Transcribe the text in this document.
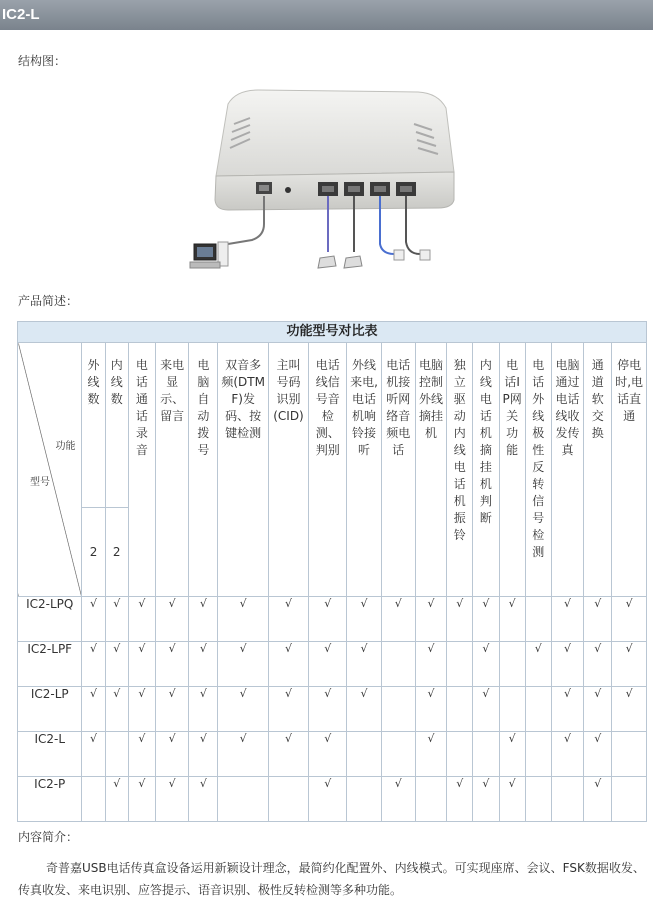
IC2-L
结构图：
产品简述：
功能型号对比表																		

功能
型号	外线数	内线数	电话通话录音	来电显示、留言	电脑自动拨号	双音多频(DTMF)发码、按键检测	主叫号码识别(CID)	电话线信号音检测、判别	外线来电,电话机响铃接听	电话机接听网络音频电话	电脑控制外线摘挂机	独立驱动内线电话机振铃	内线电话机摘挂机判断	电话IP网关功能	电话外线极性反转信号检测	电脑通过电话线收发传真	通道软交换	停电时,电话直通

	2	2																
IC2-LPQ	√	√	√	√	√	√	√	√	√	√	√	√	√	√		√	√	√
IC2-LPF	√	√	√	√	√	√	√	√	√		√		√		√	√	√	√
IC2-LP	√	√	√	√	√	√	√	√	√		√		√			√	√	√
IC2-L	√		√	√	√	√	√	√			√			√		√	√	
IC2-P		√	√	√	√			√		√		√	√	√			√	
内容简介：
奇普嘉USB电话传真盒设备运用新颖设计理念，最简约化配置外、内线模式。可实现座席、会议、FSK数据收发、传真收发、来电识别、应答提示、语音识别、极性反转检测等多种功能。
